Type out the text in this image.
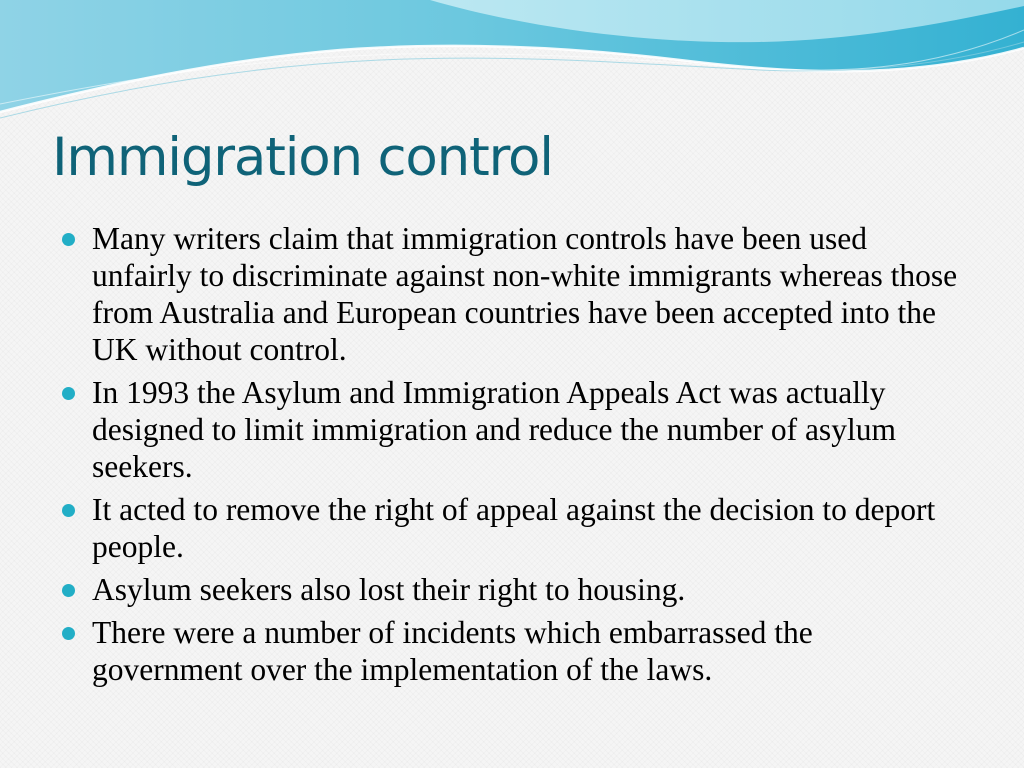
Immigration control
Many writers claim that immigration controls have been used unfairly to discriminate against non-white immigrants whereas those from Australia and European countries have been accepted into the UK without control.
In 1993 the Asylum and Immigration Appeals Act was actually designed to limit immigration and reduce the number of asylum seekers.
It acted to remove the right of appeal against the decision to deport people.
Asylum seekers also lost their right to housing.
There were a number of incidents which embarrassed the government over the implementation of the laws.
